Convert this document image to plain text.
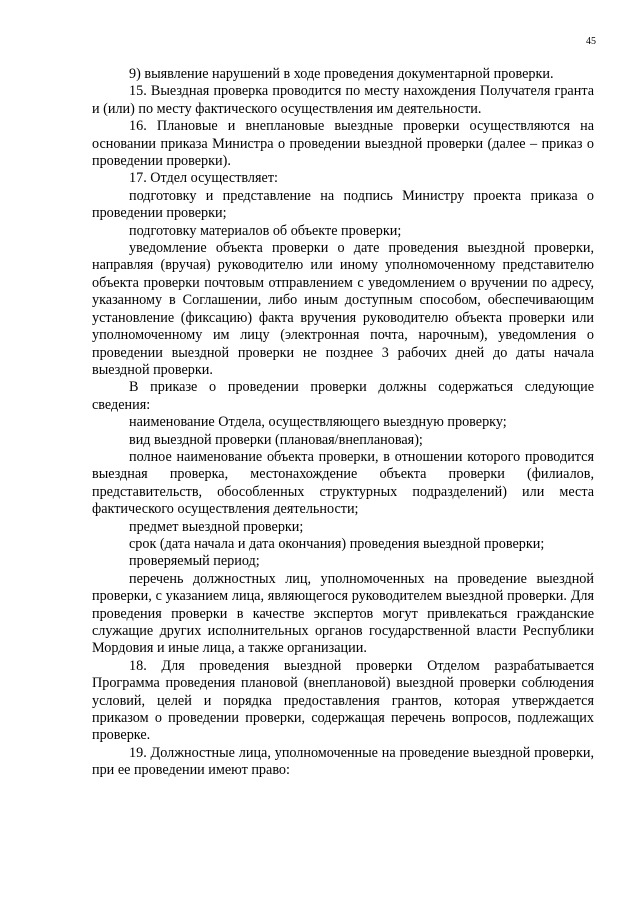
45

9) выявление нарушений в ходе проведения документарной проверки.

15. Выездная проверка проводится по месту нахождения Получателя гранта и (или) по месту фактического осуществления им деятельности.

16. Плановые и внеплановые выездные проверки осуществляются на основании приказа Министра о проведении выездной проверки (далее – приказ о проведении проверки).

17. Отдел осуществляет:

подготовку и представление на подпись Министру проекта приказа о проведении проверки;

подготовку материалов об объекте проверки;

уведомление объекта проверки о дате проведения выездной проверки, направляя (вручая) руководителю или иному уполномоченному представителю объекта проверки почтовым отправлением с уведомлением о вручении по адресу, указанному в Соглашении, либо иным доступным способом, обеспечивающим установление (фиксацию) факта вручения руководителю объекта проверки или уполномоченному им лицу (электронная почта, нарочным), уведомления о проведении выездной проверки не позднее 3 рабочих дней до даты начала выездной проверки.

В приказе о проведении проверки должны содержаться следующие сведения:

наименование Отдела, осуществляющего выездную проверку;

вид выездной проверки (плановая/внеплановая);

полное наименование объекта проверки, в отношении которого проводится выездная проверка, местонахождение объекта проверки (филиалов, представительств, обособленных структурных подразделений) или места фактического осуществления деятельности;

предмет выездной проверки;

срок (дата начала и дата окончания) проведения выездной проверки;

проверяемый период;

перечень должностных лиц, уполномоченных на проведение выездной проверки, с указанием лица, являющегося руководителем выездной проверки. Для проведения проверки в качестве экспертов могут привлекаться гражданские служащие других исполнительных органов государственной власти Республики Мордовия и иные лица, а также организации.

18. Для проведения выездной проверки Отделом разрабатывается Программа проведения плановой (внеплановой) выездной проверки соблюдения условий, целей и порядка предоставления грантов, которая утверждается приказом о проведении проверки, содержащая перечень вопросов, подлежащих проверке.

19. Должностные лица, уполномоченные на проведение выездной проверки, при ее проведении имеют право:
